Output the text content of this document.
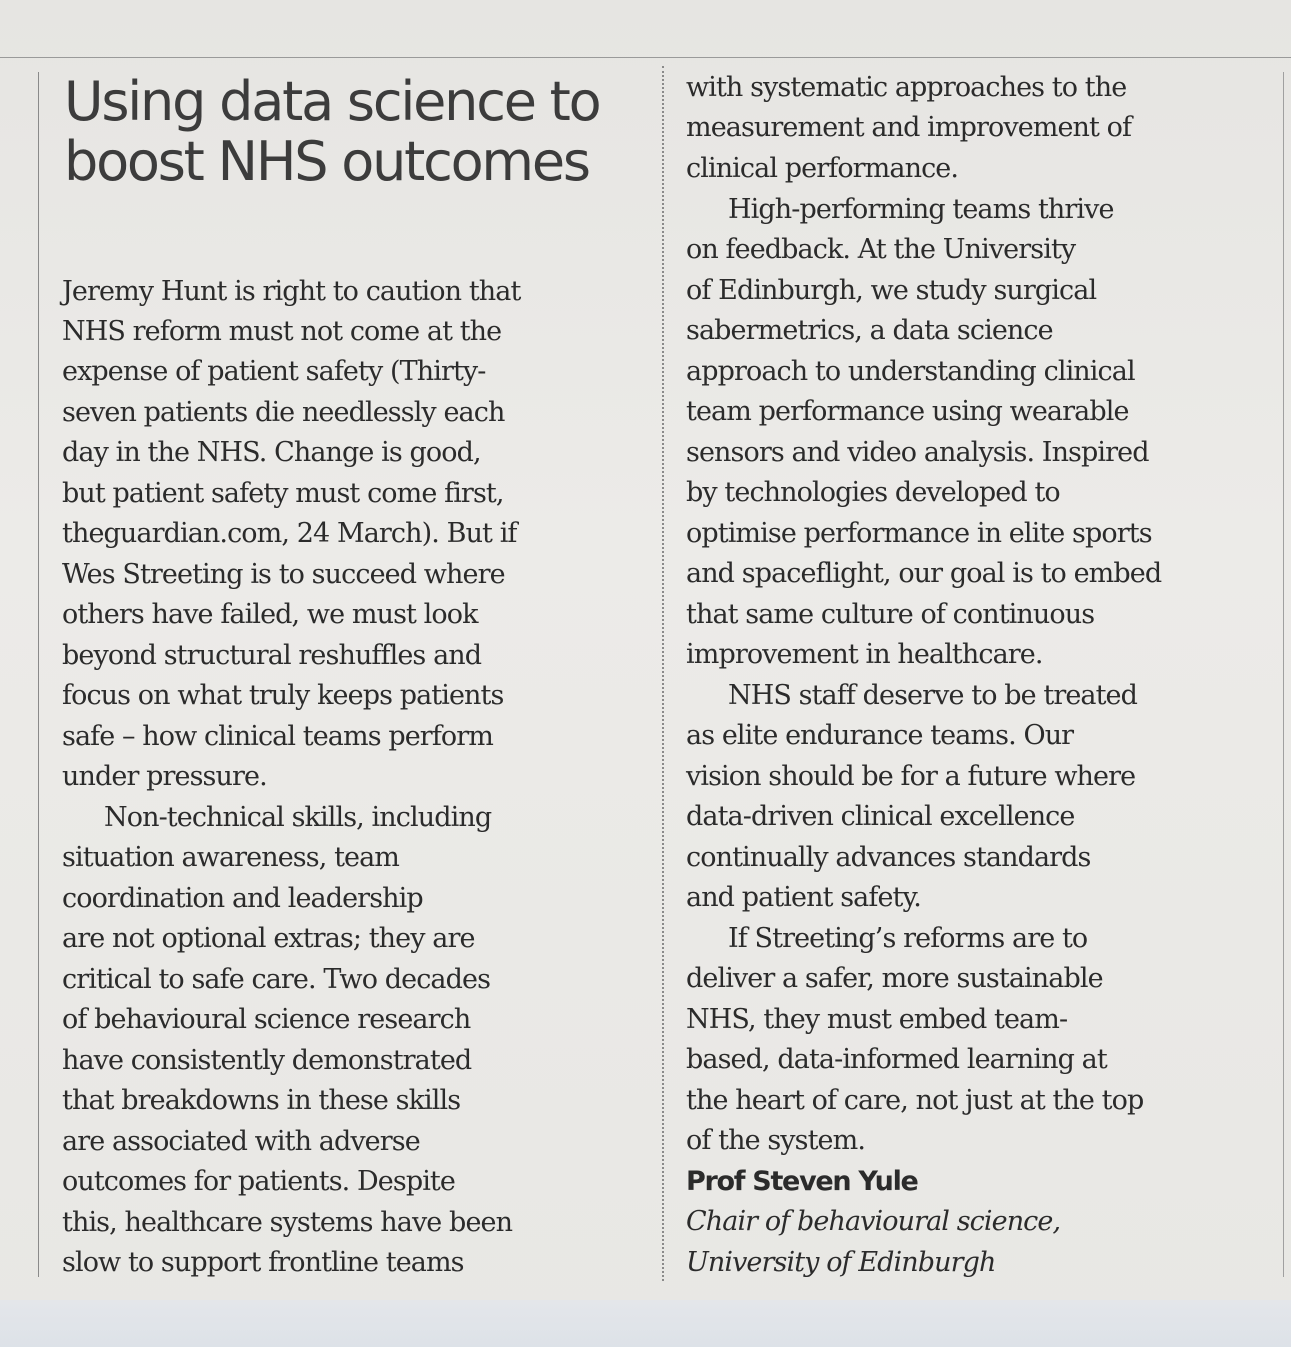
Using data science to
boost NHS outcomes
Jeremy Hunt is right to caution that
NHS reform must not come at the
expense of patient safety (Thirty-
seven patients die needlessly each
day in the NHS. Change is good,
but patient safety must come first,
theguardian.com, 24 March). But if
Wes Streeting is to succeed where
others have failed, we must look
beyond structural reshuffles and
focus on what truly keeps patients
safe – how clinical teams perform
under pressure.
Non-technical skills, including
situation awareness, team
coordination and leadership
are not optional extras; they are
critical to safe care. Two decades
of behavioural science research
have consistently demonstrated
that breakdowns in these skills
are associated with adverse
outcomes for patients. Despite
this, healthcare systems have been
slow to support frontline teams
with systematic approaches to the
measurement and improvement of
clinical performance.
High-performing teams thrive
on feedback. At the University
of Edinburgh, we study surgical
sabermetrics, a data science
approach to understanding clinical
team performance using wearable
sensors and video analysis. Inspired
by technologies developed to
optimise performance in elite sports
and spaceflight, our goal is to embed
that same culture of continuous
improvement in healthcare.
NHS staff deserve to be treated
as elite endurance teams. Our
vision should be for a future where
data-driven clinical excellence
continually advances standards
and patient safety.
If Streeting’s reforms are to
deliver a safer, more sustainable
NHS, they must embed team-
based, data-informed learning at
the heart of care, not just at the top
of the system.
Prof Steven Yule
Chair of behavioural science,
University of Edinburgh
